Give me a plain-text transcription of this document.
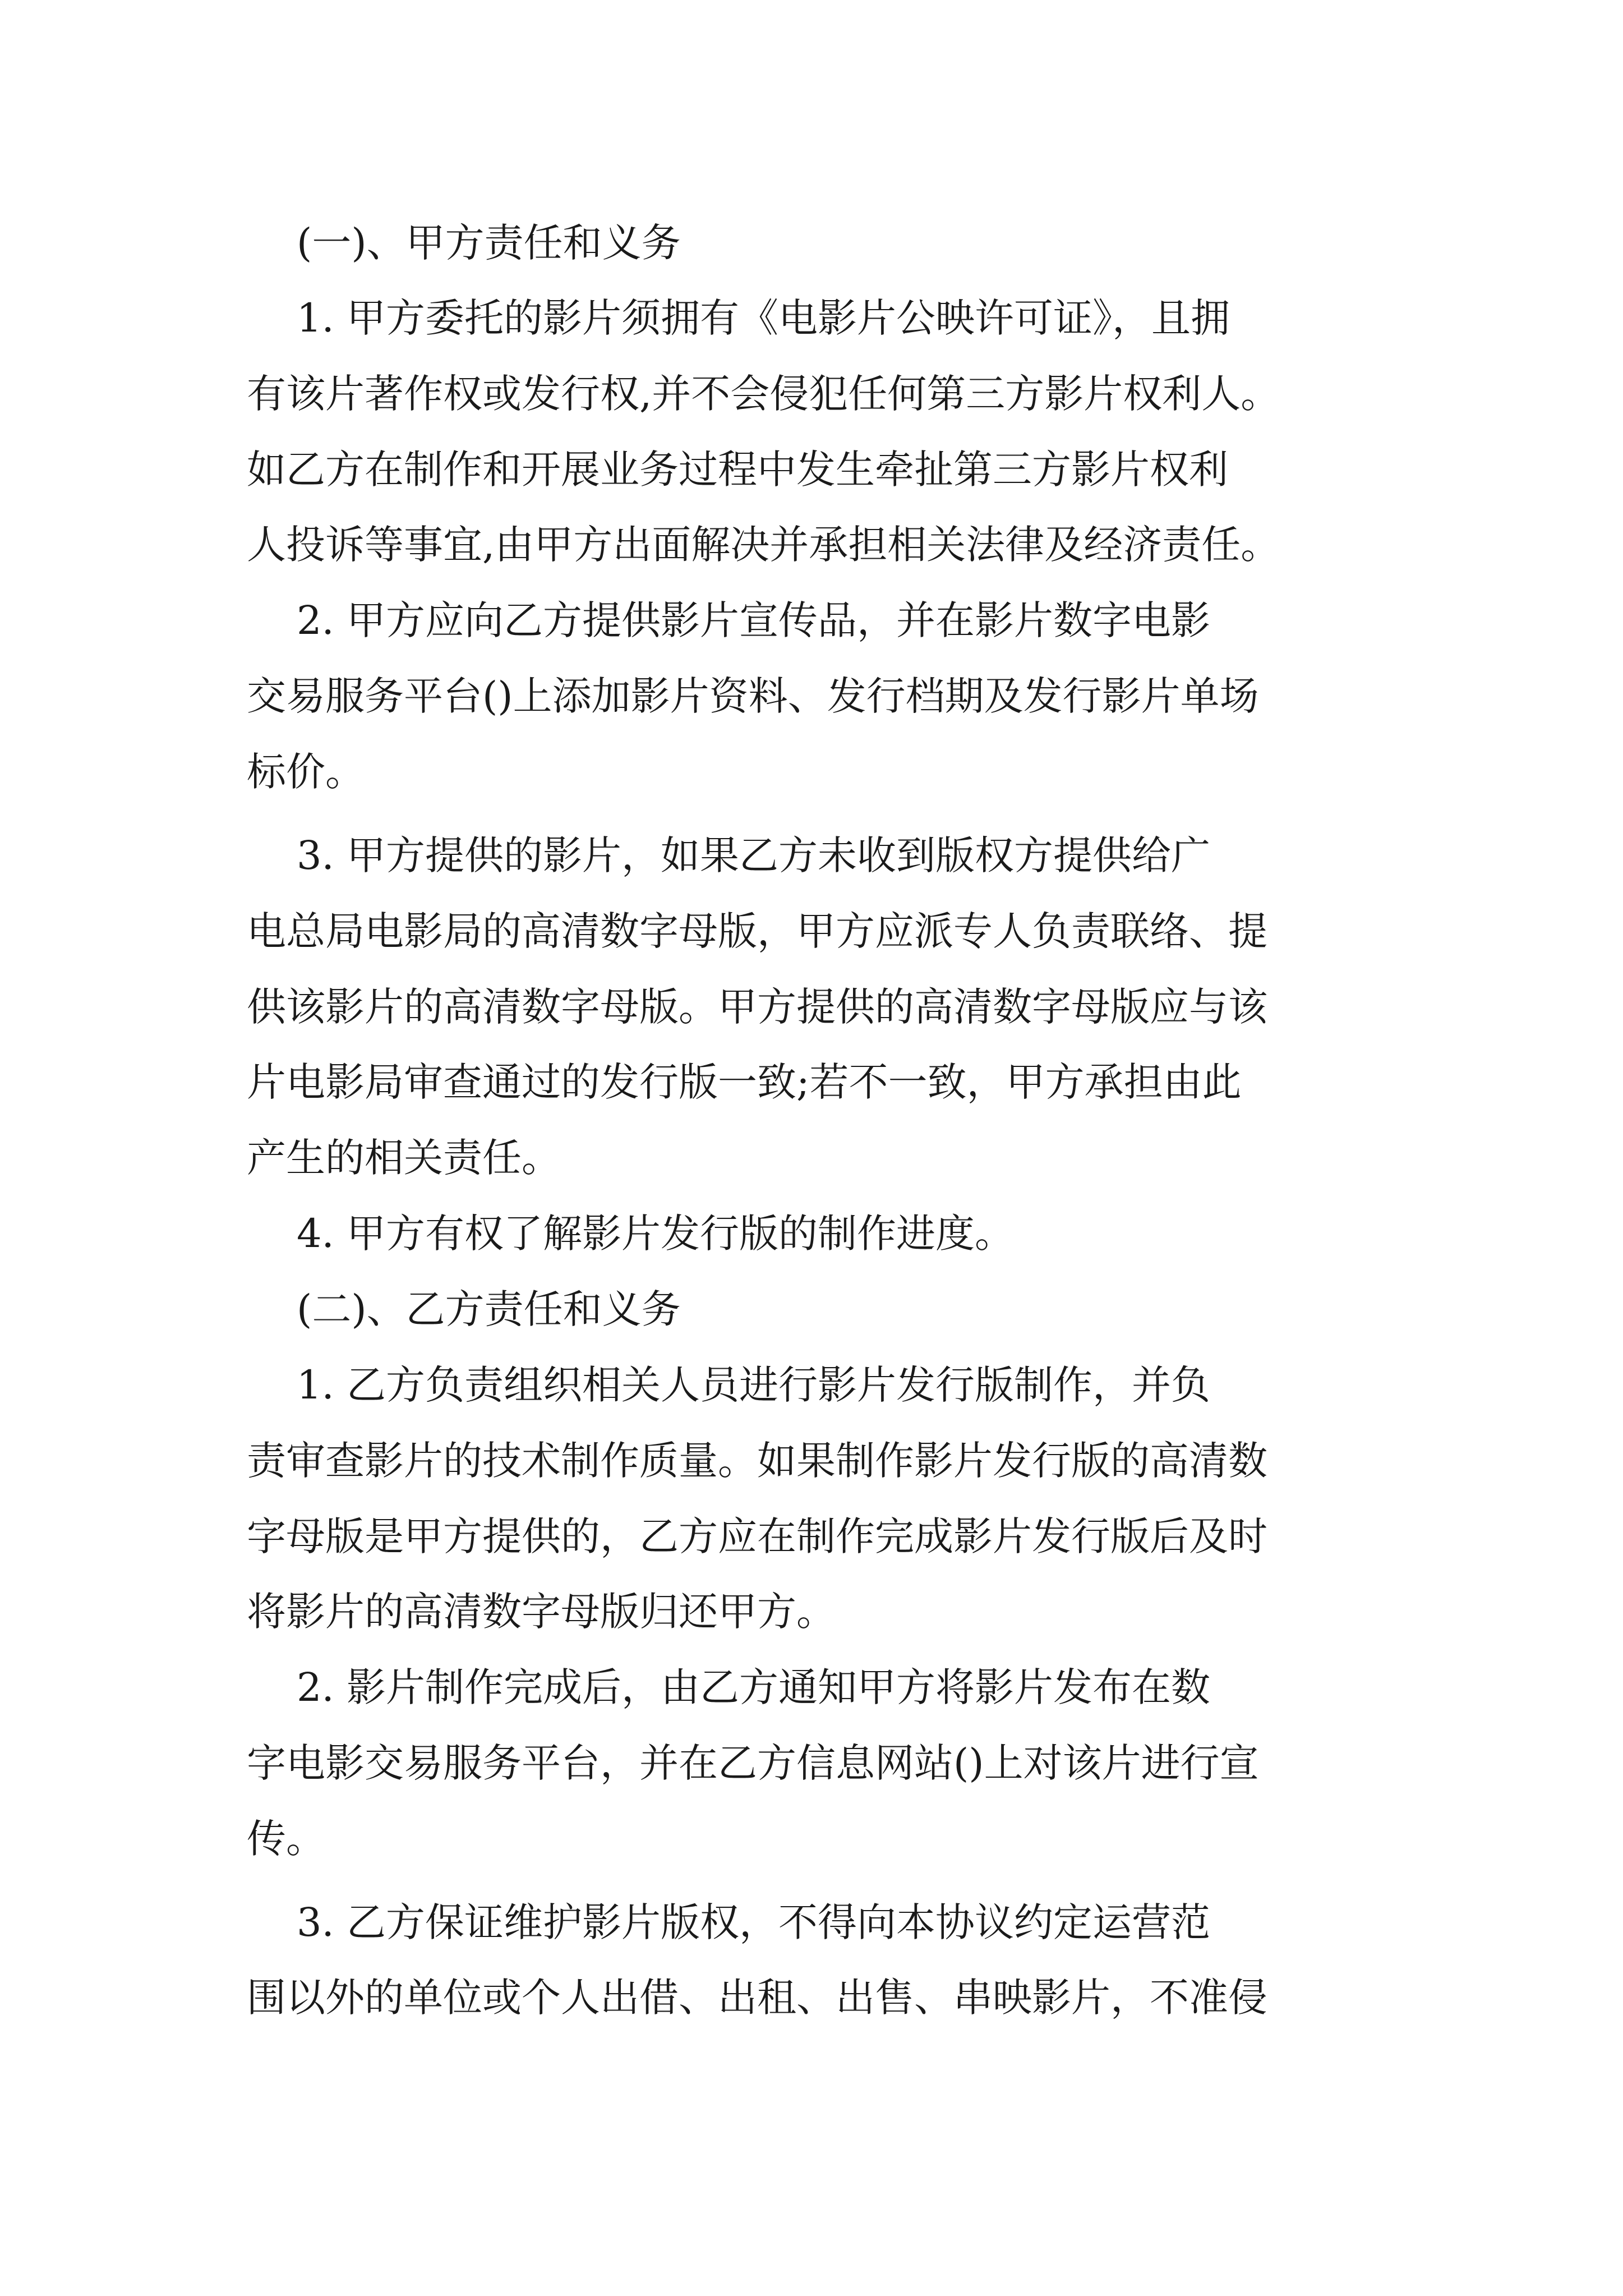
(一)、甲方责任和义务

1. 甲方委托的影片须拥有《电影片公映许可证》，且拥

有该片著作权或发行权,并不会侵犯任何第三方影片权利人。

如乙方在制作和开展业务过程中发生牵扯第三方影片权利

人投诉等事宜,由甲方出面解决并承担相关法律及经济责任。

2. 甲方应向乙方提供影片宣传品，并在影片数字电影

交易服务平台()上添加影片资料、发行档期及发行影片单场

标价。

3. 甲方提供的影片，如果乙方未收到版权方提供给广

电总局电影局的高清数字母版，甲方应派专人负责联络、提

供该影片的高清数字母版。甲方提供的高清数字母版应与该

片电影局审查通过的发行版一致;若不一致，甲方承担由此

产生的相关责任。

4. 甲方有权了解影片发行版的制作进度。

(二)、乙方责任和义务

1. 乙方负责组织相关人员进行影片发行版制作，并负

责审查影片的技术制作质量。如果制作影片发行版的高清数

字母版是甲方提供的，乙方应在制作完成影片发行版后及时

将影片的高清数字母版归还甲方。

2. 影片制作完成后，由乙方通知甲方将影片发布在数

字电影交易服务平台，并在乙方信息网站()上对该片进行宣

传。

3. 乙方保证维护影片版权，不得向本协议约定运营范

围以外的单位或个人出借、出租、出售、串映影片，不准侵
